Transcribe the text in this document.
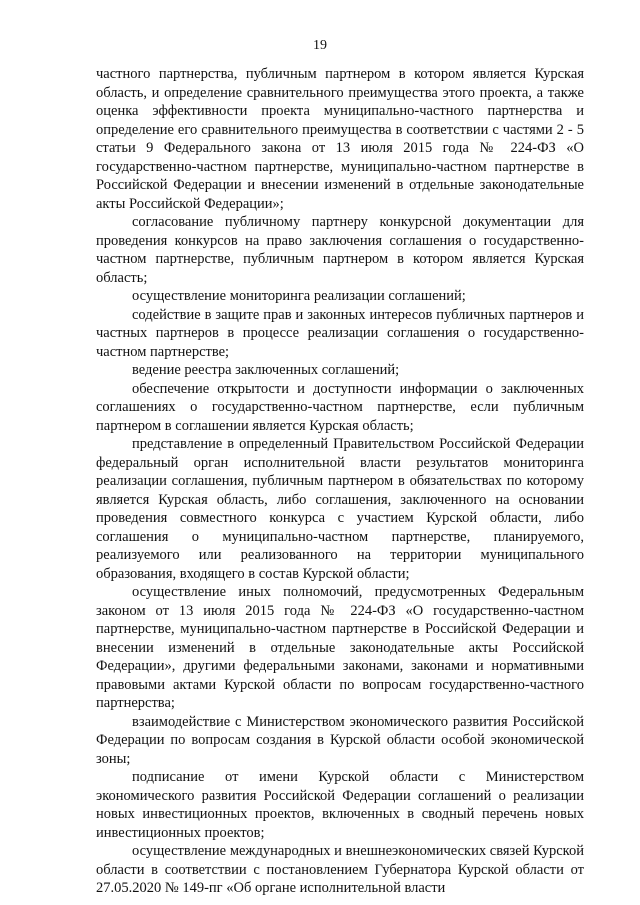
19

частного партнерства, публичным партнером в котором является Курская область, и определение сравнительного преимущества этого проекта, а также оценка эффективности проекта муниципально-частного партнерства и определение его сравнительного преимущества в соответствии с частями 2 - 5 статьи 9 Федерального закона от 13 июля 2015 года № 224-ФЗ «О государственно-частном партнерстве, муниципально-частном партнерстве в Российской Федерации и внесении изменений в отдельные законодательные акты Российской Федерации»;

согласование публичному партнеру конкурсной документации для проведения конкурсов на право заключения соглашения о государственно-частном партнерстве, публичным партнером в котором является Курская область;

осуществление мониторинга реализации соглашений;

содействие в защите прав и законных интересов публичных партнеров и частных партнеров в процессе реализации соглашения о государственно-частном партнерстве;

ведение реестра заключенных соглашений;

обеспечение открытости и доступности информации о заключенных соглашениях о государственно-частном партнерстве, если публичным партнером в соглашении является Курская область;

представление в определенный Правительством Российской Федерации федеральный орган исполнительной власти результатов мониторинга реализации соглашения, публичным партнером в обязательствах по которому является Курская область, либо соглашения, заключенного на основании проведения совместного конкурса с участием Курской области, либо соглашения о муниципально-частном партнерстве, планируемого, реализуемого или реализованного на территории муниципального образования, входящего в состав Курской области;

осуществление иных полномочий, предусмотренных Федеральным законом от 13 июля 2015 года № 224-ФЗ «О государственно-частном партнерстве, муниципально-частном партнерстве в Российской Федерации и внесении изменений в отдельные законодательные акты Российской Федерации», другими федеральными законами, законами и нормативными правовыми актами Курской области по вопросам государственно-частного партнерства;

взаимодействие с Министерством экономического развития Российской Федерации по вопросам создания в Курской области особой экономической зоны;

подписание от имени Курской области с Министерством экономического развития Российской Федерации соглашений о реализации новых инвестиционных проектов, включенных в сводный перечень новых инвестиционных проектов;

осуществление международных и внешнеэкономических связей Курской области в соответствии с постановлением Губернатора Курской области от 27.05.2020 № 149-пг «Об органе исполнительной власти
